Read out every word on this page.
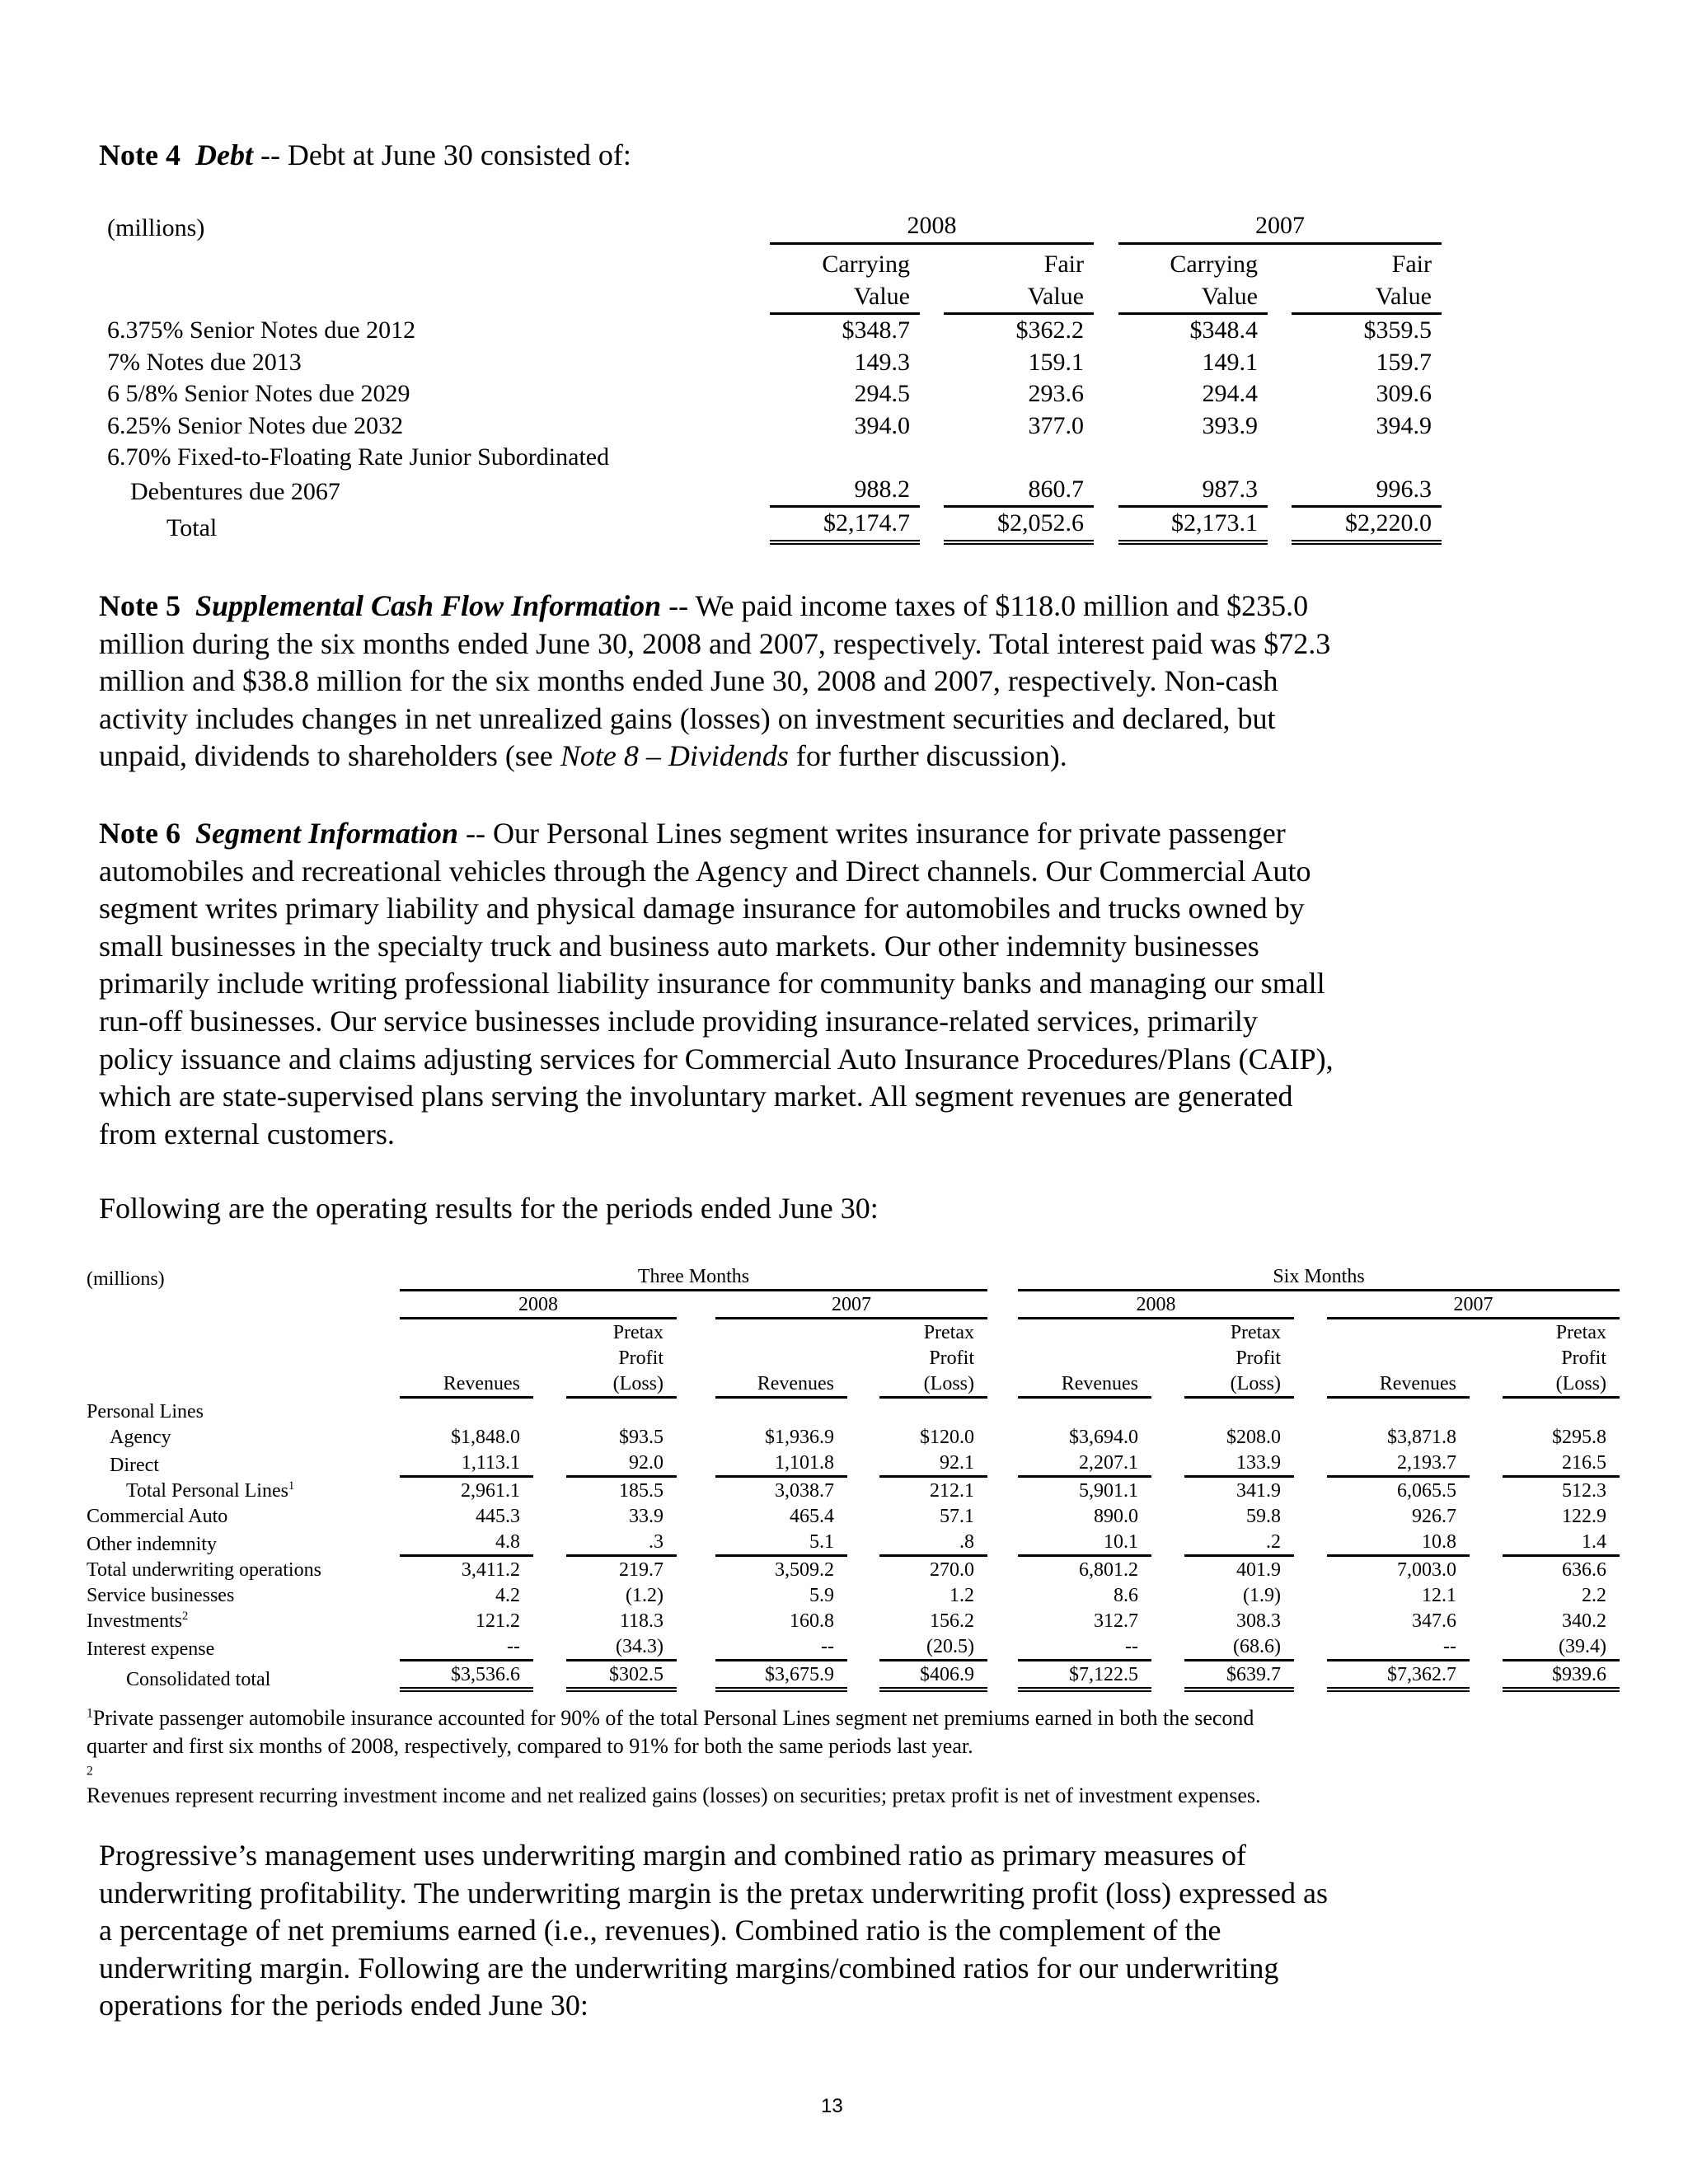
Note 4 Debt -- Debt at June 30 consisted of:
(millions)	2008				2007		
	Carrying		Fair		Carrying		Fair
	Value		Value		Value		Value
6.375% Senior Notes due 2012	$348.7		$362.2		$348.4		$359.5
7% Notes due 2013	149.3		159.1		149.1		159.7
6 5/8% Senior Notes due 2029	294.5		293.6		294.4		309.6
6.25% Senior Notes due 2032	394.0		377.0		393.9		394.9
6.70% Fixed-to-Floating Rate Junior Subordinated							
Debentures due 2067	988.2		860.7		987.3		996.3
Total	$2,174.7		$2,052.6		$2,173.1		$2,220.0
Note 5 Supplemental Cash Flow Information -- We paid income taxes of $118.0 million and $235.0
million during the six months ended June 30, 2008 and 2007, respectively. Total interest paid was $72.3
million and $38.8 million for the six months ended June 30, 2008 and 2007, respectively. Non-cash
activity includes changes in net unrealized gains (losses) on investment securities and declared, but
unpaid, dividends to shareholders (see Note 8 – Dividends for further discussion).
Note 6 Segment Information -- Our Personal Lines segment writes insurance for private passenger
automobiles and recreational vehicles through the Agency and Direct channels. Our Commercial Auto
segment writes primary liability and physical damage insurance for automobiles and trucks owned by
small businesses in the specialty truck and business auto markets. Our other indemnity businesses
primarily include writing professional liability insurance for community banks and managing our small
run-off businesses. Our service businesses include providing insurance-related services, primarily
policy issuance and claims adjusting services for Commercial Auto Insurance Procedures/Plans (CAIP),
which are state-supervised plans serving the involuntary market. All segment revenues are generated
from external customers.
Following are the operating results for the periods ended June 30:
(millions)	Three Months								Six Months						
	2008				2007				2008				2007		
			Pretax				Pretax				Pretax				Pretax
			Profit				Profit				Profit				Profit
	Revenues		(Loss)		Revenues		(Loss)		Revenues		(Loss)		Revenues		(Loss)
Personal Lines															
Agency	$1,848.0		$93.5		$1,936.9		$120.0		$3,694.0		$208.0		$3,871.8		$295.8
Direct	1,113.1		92.0		1,101.8		92.1		2,207.1		133.9		2,193.7		216.5
Total Personal Lines$^1$	2,961.1		185.5		3,038.7		212.1		5,901.1		341.9		6,065.5		512.3
Commercial Auto	445.3		33.9		465.4		57.1		890.0		59.8		926.7		122.9
Other indemnity	4.8		.3		5.1		.8		10.1		.2		10.8		1.4
Total underwriting operations	3,411.2		219.7		3,509.2		270.0		6,801.2		401.9		7,003.0		636.6
Service businesses	4.2		(1.2)		5.9		1.2		8.6		(1.9)		12.1		2.2
Investments$^2$	121.2		118.3		160.8		156.2		312.7		308.3		347.6		340.2
Interest expense	--		(34.3)		--		(20.5)		--		(68.6)		--		(39.4)
Consolidated total	$3,536.6		$302.5		$3,675.9		$406.9		$7,122.5		$639.7		$7,362.7		$939.6
$^1$Private passenger automobile insurance accounted for 90% of the total Personal Lines segment net premiums earned in both the second
quarter and first six months of 2008, respectively, compared to 91% for both the same periods last year.
$^2$
Revenues represent recurring investment income and net realized gains (losses) on securities; pretax profit is net of investment expenses.
Progressive’s management uses underwriting margin and combined ratio as primary measures of
underwriting profitability. The underwriting margin is the pretax underwriting profit (loss) expressed as
a percentage of net premiums earned (i.e., revenues). Combined ratio is the complement of the
underwriting margin. Following are the underwriting margins/combined ratios for our underwriting
operations for the periods ended June 30:
13
